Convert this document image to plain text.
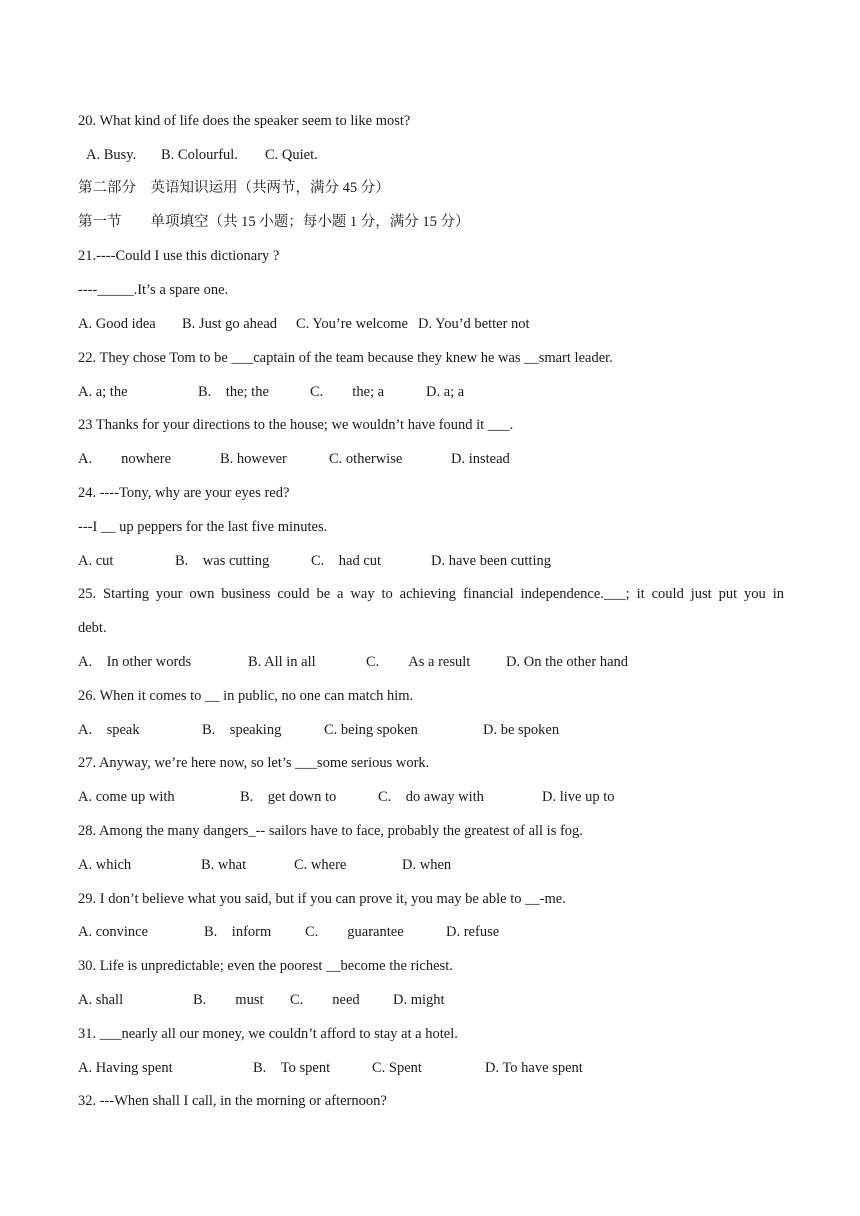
20. What kind of life does the speaker seem to like most?
A. Busy. B. Colourful. C. Quiet.
第二部分　英语知识运用（共两节，满分 45 分）
第一节　　单项填空（共 15 小题；每小题 1 分，满分 15 分）
21.----Could I use this dictionary ?
----_____.It’s a spare one.
A. Good idea B. Just go ahead C. You’re welcome D. You’d better not
22. They chose Tom to be ___captain of the team because they knew he was __smart leader.
A. a; the	B.　the; the	C.　　the; a	D. a; a
23 Thanks for your directions to the house; we wouldn’t have found it ___.
A.　　nowhere	B. however	C. otherwise	D. instead
24. ----Tony, why are your eyes red?
---I __ up peppers for the last five minutes.
A. cut	B.　was cutting	C.　had cut	D. have been cutting
25. Starting your own business could be a way to achieving financial independence.___; it could just put you in
debt.
A.　In other words	B. All in all	C.　　As a result D. On the other hand
26. When it comes to __ in public, no one can match him.
A.　speak	B.　speaking	C. being spoken	D. be spoken
27. Anyway, we’re here now, so let’s ___some serious work.
A. come up with	B.　get down to	C.　do away with	D. live up to
28. Among the many dangers_-- sailors have to face, probably the greatest of all is fog.
A. which	B. what	C. where	D. when
29. I don’t believe what you said, but if you can prove it, you may be able to __-me.
A. convince	B.　inform C.　　guarantee	D. refuse
30. Life is unpredictable; even the poorest __become the richest.
A. shall	B.　　must C.　　need D. might
31. ___nearly all our money, we couldn’t afford to stay at a hotel.
A. Having spent	B.　To spent	C. Spent	D. To have spent
32. ---When shall I call, in the morning or afternoon?
